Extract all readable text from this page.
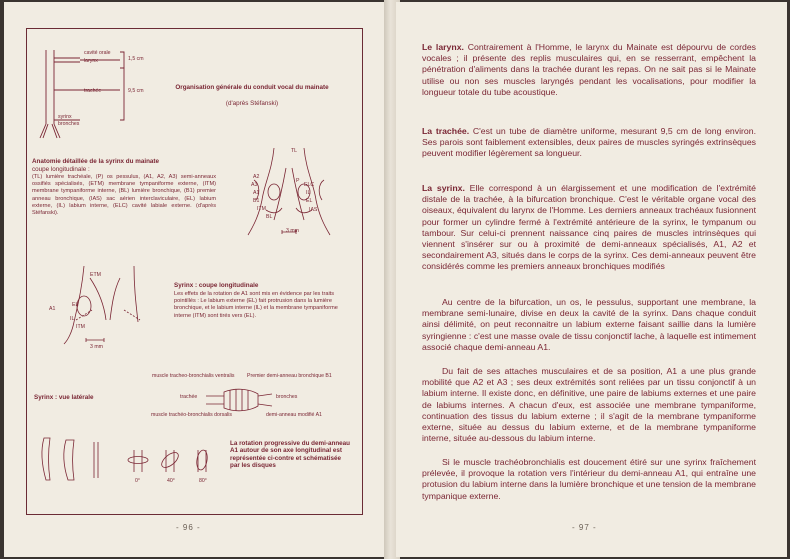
cavité orale
larynx	1,5 cm
trachée	9,5 cm
syrinx
bronches
Organisation générale du conduit vocal du mainate
(d'après Stéfanski)
Anatomie détaillée de la syrinx du mainate
coupe longitudinale :
(TL) lumière trachéale, (P) os pessulus, (A1, A2, A3) semi-anneaux ossifiés spécialisés, (ETM) membrane tympaniforme externe, (ITM) membrane tympaniforme interne, (BL) lumière bronchique, (B1) premier anneau bronchique, (IAS) sac aérien interclaviculaire, (EL) labium externe, (IL) labium interne, (ELC) cavité labiale externe. (d'après Stéfanski).
TL
A2
A3
A1
B1
ITM
BL
P
ELC
IL
EL
IAS
3 mm
ETM
A1
EL
IL
ITM
3 mm
Syrinx : coupe longitudinale
Les effets de la rotation de A1 sont mis en évidence par les traits pointillés : Le labium externe (EL) fait protrusion dans la lumière bronchique, et le labium interne (IL) et la membrane tympaniforme interne (ITM) sont tirés vers (EL).
Syrinx : vue latérale
muscle tracheo-bronchialis ventralis Premier demi-anneau bronchique B1
trachée	bronches
muscle trachéo-bronchialis dorsalis	demi-anneau modifié A1
0°	40°	80°
La rotation progressive du demi-anneau A1 autour de son axe longitudinal est représentée ci-contre et schématisée par les disques
- 96 -

Le larynx. Contrairement à l'Homme, le larynx du Mainate est dépourvu de cordes vocales ; il présente des replis musculaires qui, en se resserrant, empêchent la pénétration d'aliments dans la trachée durant les repas. On ne sait pas si le Mainate utilise ou non ses muscles laryngés pendant les vocalisations, pour modifier la longueur totale du tube acoustique.

La trachée. C'est un tube de diamètre uniforme, mesurant 9,5 cm de long environ. Ses parois sont faiblement extensibles, deux paires de muscles syringés extrinsèques peuvent modifier légèrement sa longueur.

La syrinx. Elle correspond à un élargissement et une modification de l'extrémité distale de la trachée, à la bifurcation bronchique. C'est le véritable organe vocal des oiseaux, équivalent du larynx de l'Homme. Les derniers anneaux trachéaux fusionnent pour former un cylindre fermé à l'extrémité antérieure de la syrinx, le tympanum ou tambour. Sur celui-ci prennent naissance cinq paires de muscles intrinsèques qui viennent s'insérer sur ou à proximité de demi-anneaux spécialisés, A1, A2 et secondairement A3, situés dans le corps de la syrinx. Ces demi-anneaux peuvent être considérés comme les premiers anneaux bronchiques modifiés

Au centre de la bifurcation, un os, le pessulus, supportant une membrane, la membrane semi-lunaire, divise en deux la cavité de la syrinx. Dans chaque conduit ainsi délimité, on peut reconnaitre un labium externe faisant saillie dans la lumière syringienne : c'est une masse ovale de tissu conjonctif lache, à laquelle est intimement associé chaque demi-anneau A1.

Du fait de ses attaches musculaires et de sa position, A1 a une plus grande mobilité que A2 et A3 ; ses deux extrémités sont reliées par un tissu conjonctif à un labium interne. Il existe donc, en définitive, une paire de labiums externes et une paire de labiums internes. A chacun d'eux, est associée une membrane tympaniforme, continuation des tissus du labium externe ; il s'agit de la membrane tympaniforme externe, située au dessus du labium externe, et de la membrane tympaniforme interne, située au-dessous du labium interne.

Si le muscle trachéobronchialis est doucement étiré sur une syrinx fraîchement prélevée, il provoque la rotation vers l'intérieur du demi-anneau A1, qui entraîne une protusion du labium interne dans la lumière bronchique et une tension de la membrane tympanique externe.

- 97 -
